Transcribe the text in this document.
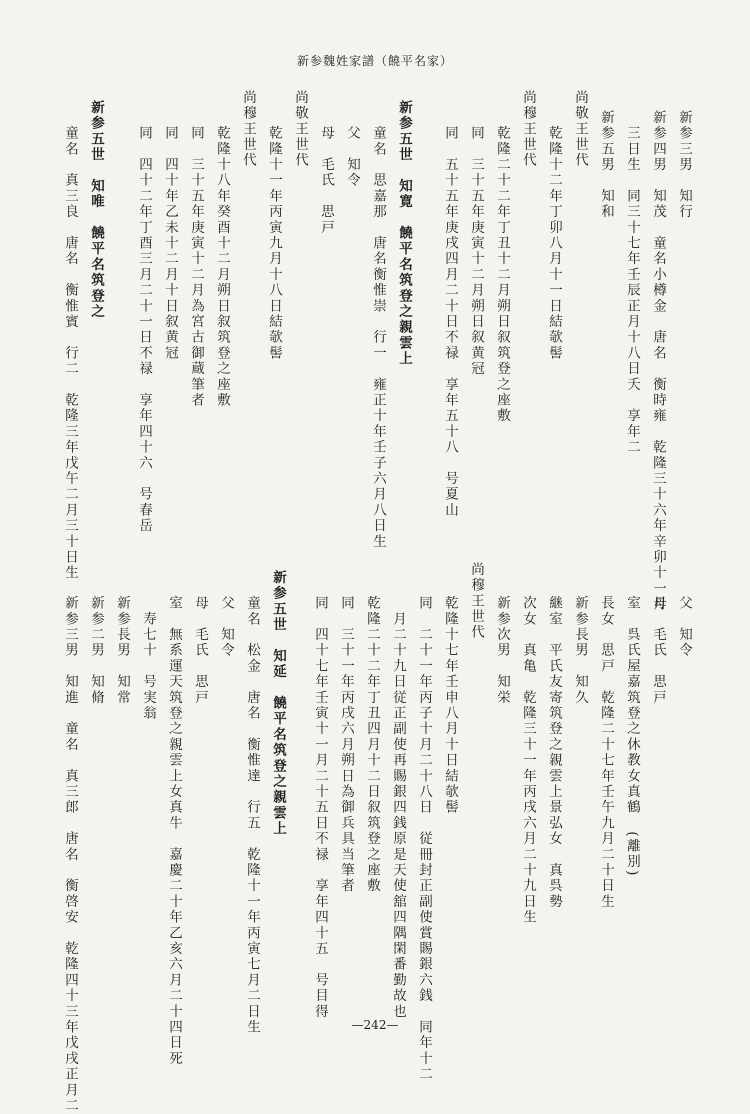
新参魏姓家譜（饒平名家）
新参三男　知行
新参四男　知茂　童名小樽金　唐名　衡時雍　乾隆三十六年辛卯十一月
　三日生　同三十七年壬辰正月十八日夭　享年二
新参五男　知和
尚敬王世代
　乾隆十二年丁卯八月十一日結欹髻
尚穆王世代
　乾隆二十二年丁丑十二月朔日叙筑登之座敷
　同　三十五年庚寅十二月朔日叙黄冠
　同　五十五年庚戌四月二十日不禄　享年五十八　号夏山
新参五世　知寛　饒平名筑登之親雲上
　童名　思嘉那　唐名衡惟崇　行一　雍正十年壬子六月八日生
　父　知令
　母　毛氏　思戸
尚敬王世代
　乾隆十一年丙寅九月十八日結欹髻
尚穆王世代
　乾隆十八年癸酉十二月朔日叙筑登之座敷
　同　三十五年庚寅十二月為宮古御蔵筆者
　同　四十年乙未十二月十日叙黄冠
　同　四十二年丁酉三月二十一日不禄　享年四十六　号春岳
新参五世　知唯　饒平名筑登之
　童名　真三良　唐名　衡惟賓　行二　乾隆三年戊午二月三十日生
　父　知令
　母　毛氏　思戸
　室　呉氏屋嘉筑登之休教女真鶴　(離別)
　長女　思戸　乾隆二十七年壬午九月二十日生
　新参長男　知久
　継室　平氏友寄筑登之親雲上景弘女　真呉勢
　次女　真亀　乾隆三十一年丙戌六月二十九日生
　新参次男　知栄
尚穆王世代
　乾隆十七年壬申八月十日結欹髻
　同　二十一年丙子十月二十八日　従冊封正副使賞賜銀六銭　同年十二
　　月二十九日従正副使再賜銀四銭原是天使舘四隅閑番勤故也
　乾隆二十二年丁丑四月十二日叙筑登之座敷
　同　三十一年丙戌六月朔日為御兵具当筆者
　同　四十七年壬寅十一月二十五日不禄　享年四十五　号目得
新参五世　知延　饒平名筑登之親雲上
　童名　松金　唐名　衡惟達　行五　乾隆十一年丙寅七月二日生
　父　知令
　母　毛氏　思戸
　室　無系運天筑登之親雲上女真牛　嘉慶二十年乙亥六月二十四日死
　　寿七十　号実翁
　新参長男　知常
　新参二男　知脩
　新参三男　知進　童名　真三郎　唐名　衡啓安　乾隆四十三年戊戌正月二	—242—
